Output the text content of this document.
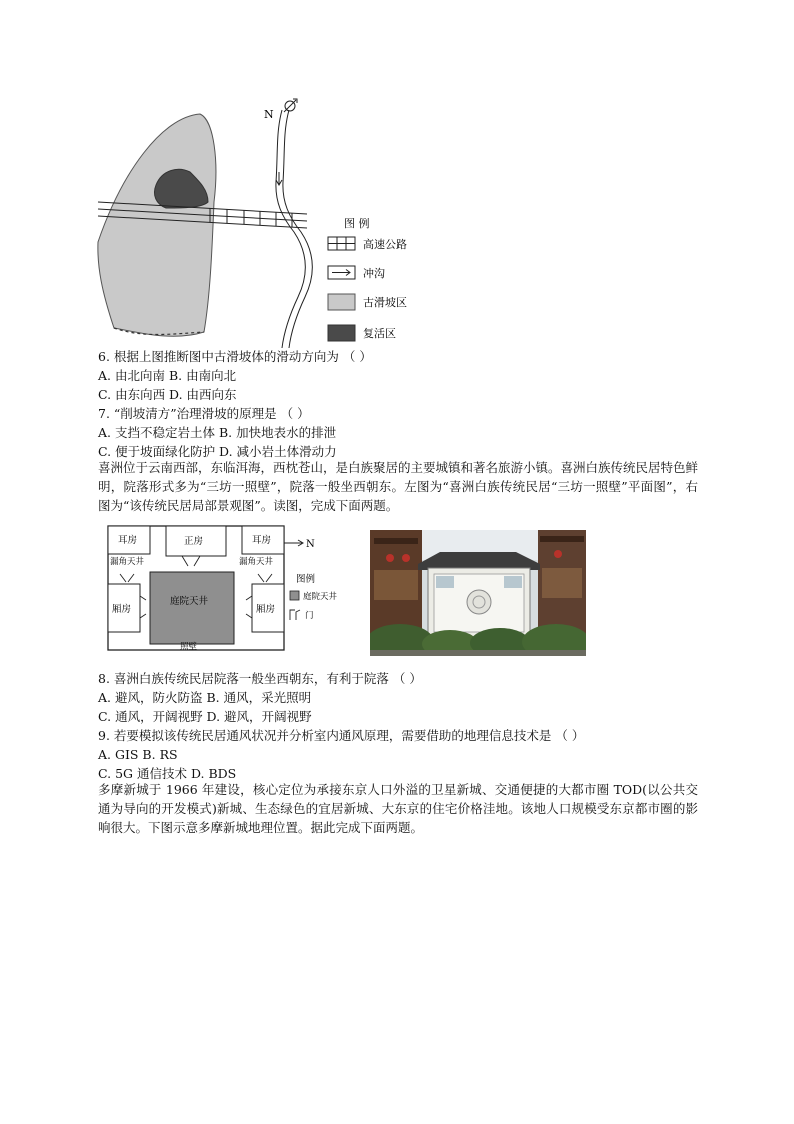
N
图 例
高速公路
冲沟
古滑坡区
复活区
6. 根据上图推断图中古滑坡体的滑动方向为 （ ）
A. 由北向南 B. 由南向北
C. 由东向西 D. 由西向东
7. “削坡清方”治理滑坡的原理是 （ ）
A. 支挡不稳定岩土体 B. 加快地表水的排泄
C. 便于坡面绿化防护 D. 减小岩土体滑动力
喜洲位于云南西部，东临洱海，西枕苍山，是白族聚居的主要城镇和著名旅游小镇。喜洲白族传统民居特色鲜明，院落形式多为“三坊一照壁”，院落一般坐西朝东。左图为“喜洲白族传统民居“三坊一照壁”平面图”，右图为“该传统民居局部景观图”。读图，完成下面两题。
耳房	正房	耳房
漏角天井	漏角天井
厢房	厢房
庭院天井
照壁
N
图例
庭院天井
门
8. 喜洲白族传统民居院落一般坐西朝东，有利于院落 （ ）
A. 避风，防火防盗 B. 通风，采光照明
C. 通风，开阔视野 D. 避风，开阔视野
9. 若要模拟该传统民居通风状况并分析室内通风原理，需要借助的地理信息技术是 （ ）
A. GIS B. RS
C. 5G 通信技术 D. BDS
多摩新城于 1966 年建设，核心定位为承接东京人口外溢的卫星新城、交通便捷的大都市圈 TOD(以公共交通为导向的开发模式)新城、生态绿色的宜居新城、大东京的住宅价格洼地。该地人口规模受东京都市圈的影响很大。下图示意多摩新城地理位置。据此完成下面两题。
